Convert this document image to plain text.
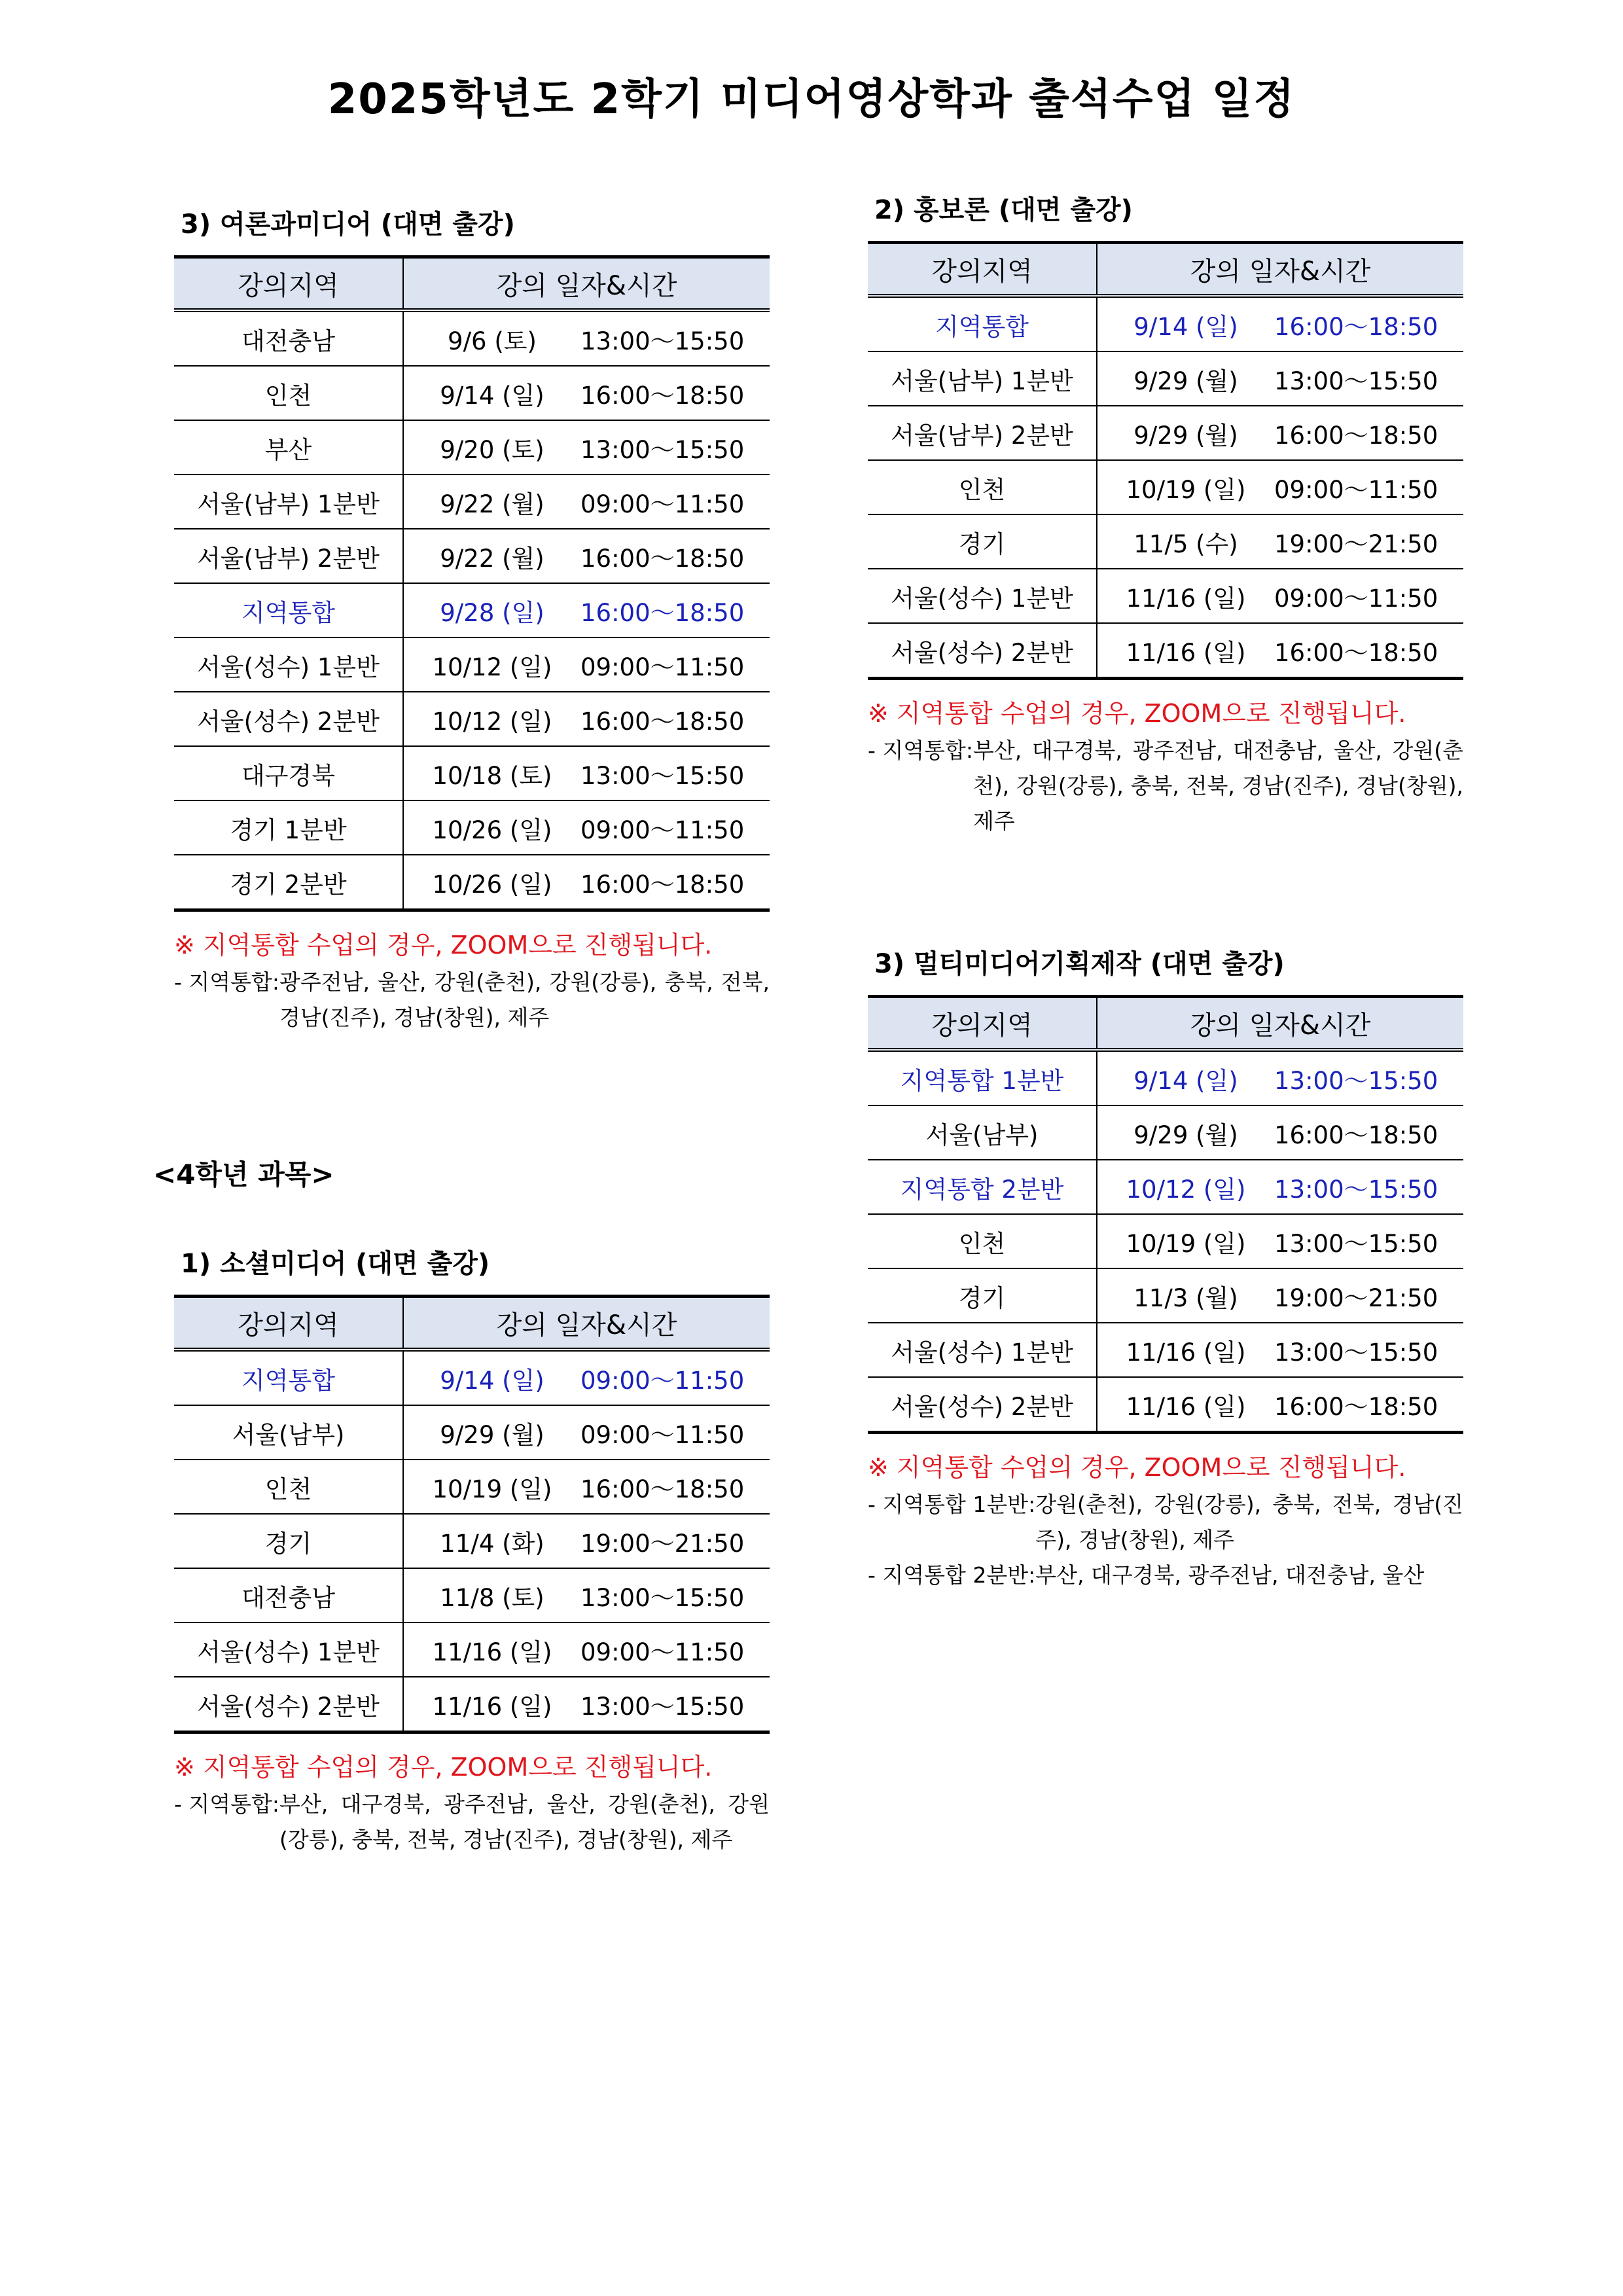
2025학년도 2학기 미디어영상학과 출석수업 일정
3) 여론과미디어 (대면 출강)
강의지역	강의 일자&시간
대전충남	9/6 (토) 13:00～15:50
인천	9/14 (일) 16:00～18:50
부산	9/20 (토) 13:00～15:50
서울(남부) 1분반	9/22 (월) 09:00～11:50
서울(남부) 2분반	9/22 (월) 16:00～18:50
지역통합	9/28 (일) 16:00～18:50
서울(성수) 1분반	10/12 (일) 09:00～11:50
서울(성수) 2분반	10/12 (일) 16:00～18:50
대구경북	10/18 (토) 13:00～15:50
경기 1분반	10/26 (일) 09:00～11:50
경기 2분반	10/26 (일) 16:00～18:50
※ 지역통합 수업의 경우, ZOOM으로 진행됩니다.
- 지역통합: 광주전남, 울산, 강원(춘천), 강원(강릉), 충북, 전북, 경남(진주), 경남(창원), 제주
<4학년 과목>
1) 소셜미디어 (대면 출강)
강의지역	강의 일자&시간
지역통합	9/14 (일) 09:00～11:50
서울(남부)	9/29 (월) 09:00～11:50
인천	10/19 (일) 16:00～18:50
경기	11/4 (화) 19:00～21:50
대전충남	11/8 (토) 13:00～15:50
서울(성수) 1분반	11/16 (일) 09:00～11:50
서울(성수) 2분반	11/16 (일) 13:00～15:50
※ 지역통합 수업의 경우, ZOOM으로 진행됩니다.
- 지역통합: 부산, 대구경북, 광주전남, 울산, 강원(춘천), 강원(강릉), 충북, 전북, 경남(진주), 경남(창원), 제주
2) 홍보론 (대면 출강)
강의지역	강의 일자&시간
지역통합	9/14 (일) 16:00～18:50
서울(남부) 1분반	9/29 (월) 13:00～15:50
서울(남부) 2분반	9/29 (월) 16:00～18:50
인천	10/19 (일) 09:00～11:50
경기	11/5 (수) 19:00～21:50
서울(성수) 1분반	11/16 (일) 09:00～11:50
서울(성수) 2분반	11/16 (일) 16:00～18:50
※ 지역통합 수업의 경우, ZOOM으로 진행됩니다.
- 지역통합: 부산, 대구경북, 광주전남, 대전충남, 울산, 강원(춘천), 강원(강릉), 충북, 전북, 경남(진주), 경남(창원), 제주
3) 멀티미디어기획제작 (대면 출강)
강의지역	강의 일자&시간
지역통합 1분반	9/14 (일) 13:00～15:50
서울(남부)	9/29 (월) 16:00～18:50
지역통합 2분반	10/12 (일) 13:00～15:50
인천	10/19 (일) 13:00～15:50
경기	11/3 (월) 19:00～21:50
서울(성수) 1분반	11/16 (일) 13:00～15:50
서울(성수) 2분반	11/16 (일) 16:00～18:50
※ 지역통합 수업의 경우, ZOOM으로 진행됩니다.
- 지역통합 1분반: 강원(춘천), 강원(강릉), 충북, 전북, 경남(진주), 경남(창원), 제주
- 지역통합 2분반: 부산, 대구경북, 광주전남, 대전충남, 울산
